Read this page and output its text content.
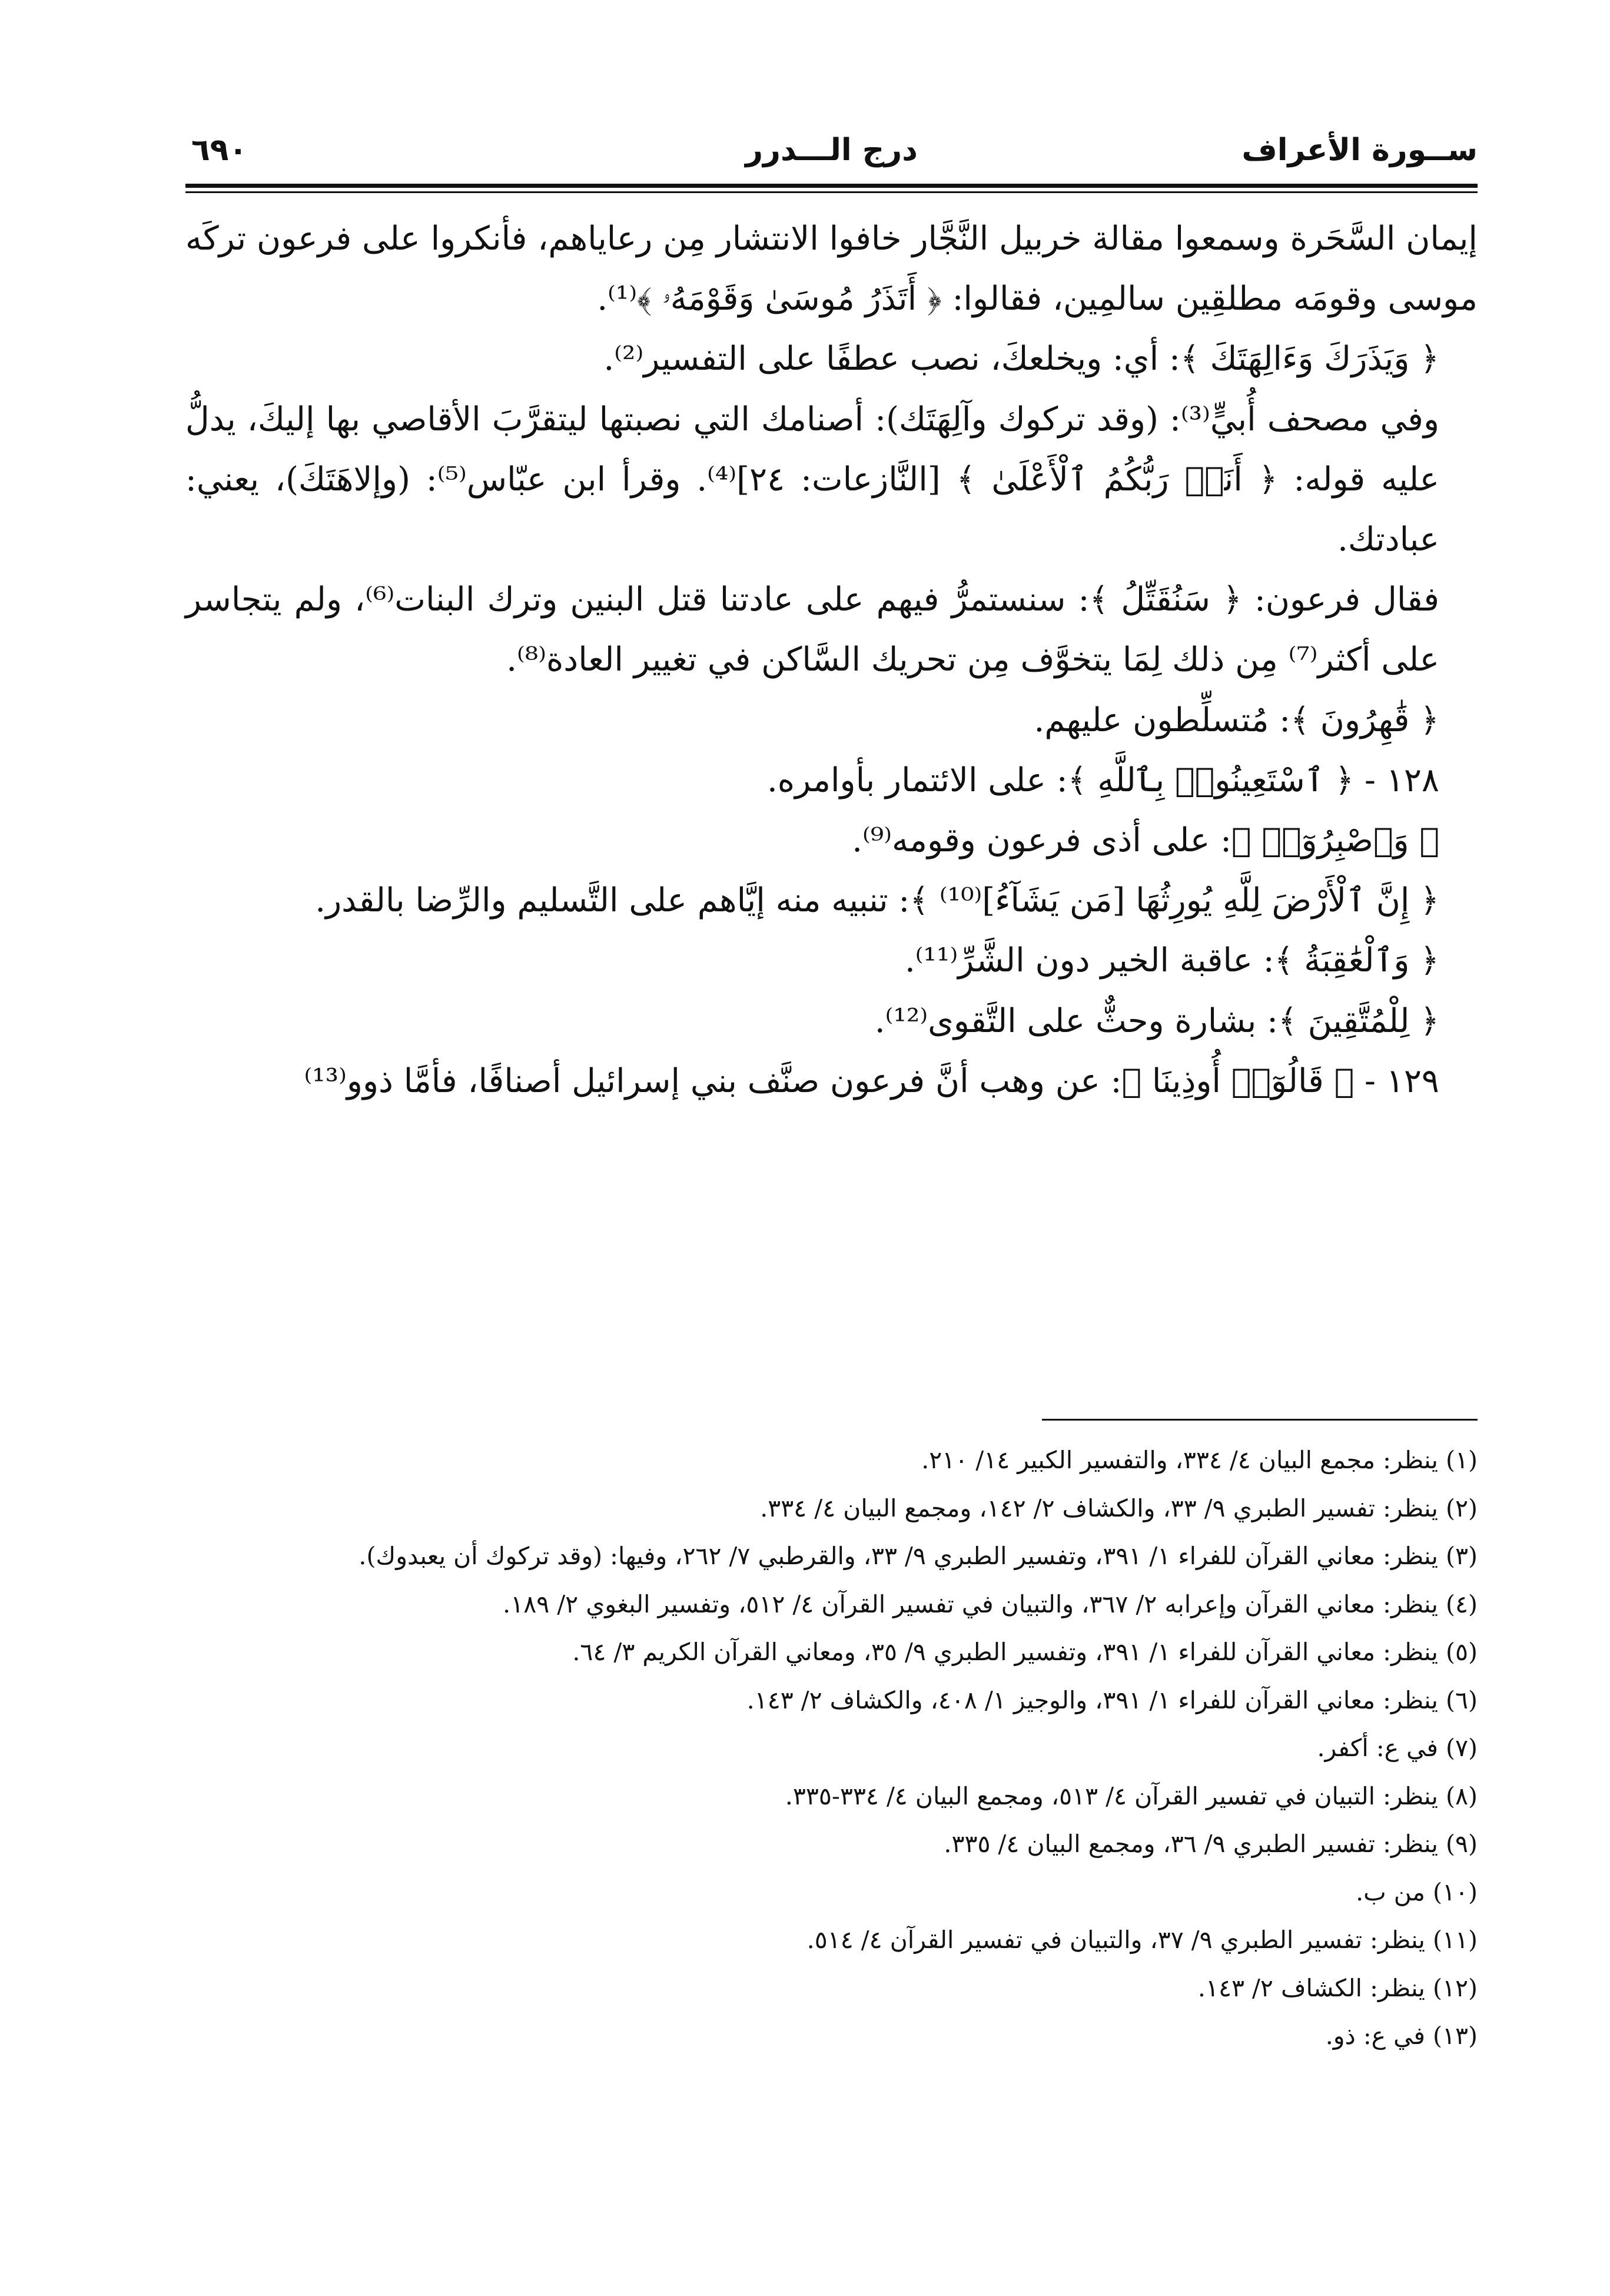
٦٩٠	درج الـــدرر	ســورة الأعراف

إيمان السَّحَرة وسمعوا مقالة خربيل النَّجَّار خافوا الانتشار مِن رعاياهم، فأنكروا على فرعون تركَه موسى وقومَه مطلقِين سالمِين، فقالوا: ﴿ أَتَذَرُ مُوسَىٰ وَقَوْمَهُۥ ﴾⁽¹⁾.

﴿ وَيَذَرَكَ وَءَالِهَتَكَ ﴾: أي: ويخلعكَ، نصب عطفًا على التفسير⁽²⁾.

وفي مصحف أُبيٍّ⁽³⁾: (وقد تركوك وآلِهَتَك): أصنامك التي نصبتها ليتقرَّبَ الأقاصي بها إليكَ، يدلُّ عليه قوله: ﴿ أَنَا۠ رَبُّكُمُ ٱلْأَعْلَىٰ ﴾ [النَّازعات: ٢٤]⁽⁴⁾. وقرأ ابن عبّاس⁽⁵⁾: (وإلاهَتَكَ)، يعني: عبادتك.

فقال فرعون: ﴿ سَنُقَتِّلُ ﴾: سنستمرُّ فيهم على عادتنا قتل البنين وترك البنات⁽⁶⁾، ولم يتجاسر على أكثر⁽⁷⁾ مِن ذلك لِمَا يتخوَّف مِن تحريك السَّاكن في تغيير العادة⁽⁸⁾.

﴿ قَٰهِرُونَ ﴾: مُتسلِّطون عليهم.

١٢٨ - ﴿ ٱسْتَعِينُوا۟ بِٱللَّهِ ﴾: على الائتمار بأوامره.

﴿ وَٱصْبِرُوٓا۟ ﴾: على أذى فرعون وقومه⁽⁹⁾.

﴿ إِنَّ ٱلْأَرْضَ لِلَّهِ يُورِثُهَا [مَن يَشَآءُ]⁽¹⁰⁾ ﴾: تنبيه منه إيَّاهم على التَّسليم والرِّضا بالقدر.

﴿ وَٱلْعَٰقِبَةُ ﴾: عاقبة الخير دون الشَّرِّ⁽¹¹⁾.

﴿ لِلْمُتَّقِينَ ﴾: بشارة وحثٌّ على التَّقوى⁽¹²⁾.

١٢٩ - ﴿ قَالُوٓا۟ أُوذِينَا ﴾: عن وهب أنَّ فرعون صنَّف بني إسرائيل أصنافًا، فأمَّا ذوو⁽¹³⁾

(١) ينظر: مجمع البيان ٤/ ٣٣٤، والتفسير الكبير ١٤/ ٢١٠.

(٢) ينظر: تفسير الطبري ٩/ ٣٣، والكشاف ٢/ ١٤٢، ومجمع البيان ٤/ ٣٣٤.

(٣) ينظر: معاني القرآن للفراء ١/ ٣٩١، وتفسير الطبري ٩/ ٣٣، والقرطبي ٧/ ٢٦٢، وفيها: (وقد تركوك أن يعبدوك).

(٤) ينظر: معاني القرآن وإعرابه ٢/ ٣٦٧، والتبيان في تفسير القرآن ٤/ ٥١٢، وتفسير البغوي ٢/ ١٨٩.

(٥) ينظر: معاني القرآن للفراء ١/ ٣٩١، وتفسير الطبري ٩/ ٣٥، ومعاني القرآن الكريم ٣/ ٦٤.

(٦) ينظر: معاني القرآن للفراء ١/ ٣٩١، والوجيز ١/ ٤٠٨، والكشاف ٢/ ١٤٣.

(٧) في ع: أكفر.

(٨) ينظر: التبيان في تفسير القرآن ٤/ ٥١٣، ومجمع البيان ٤/ ٣٣٤-٣٣٥.

(٩) ينظر: تفسير الطبري ٩/ ٣٦، ومجمع البيان ٤/ ٣٣٥.

(١٠) من ب.

(١١) ينظر: تفسير الطبري ٩/ ٣٧، والتبيان في تفسير القرآن ٤/ ٥١٤.

(١٢) ينظر: الكشاف ٢/ ١٤٣.

(١٣) في ع: ذو.
